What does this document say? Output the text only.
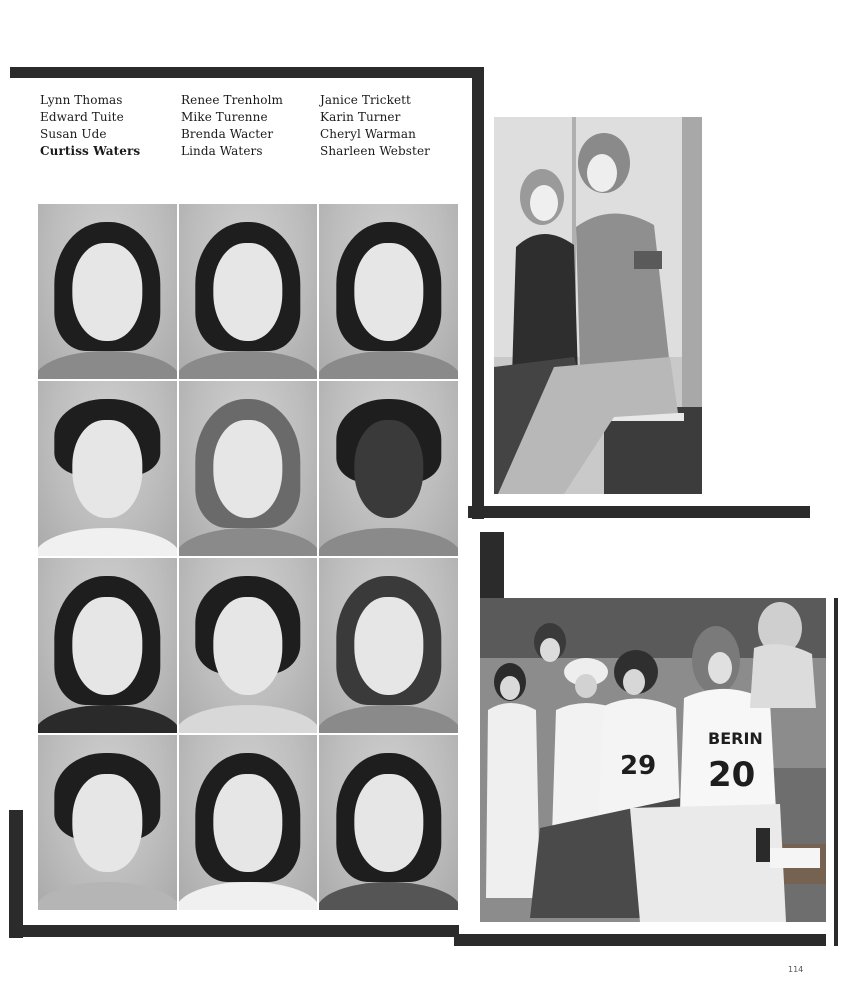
Lynn Thomas	Renee Trenholm	Janice Trickett
Edward Tuite	Mike Turenne	Karin Turner
Susan Ude	Brenda Wacter	Cheryl Warman
Curtiss Waters	Linda Waters	Sharleen Webster
BERIN
20
29
114
